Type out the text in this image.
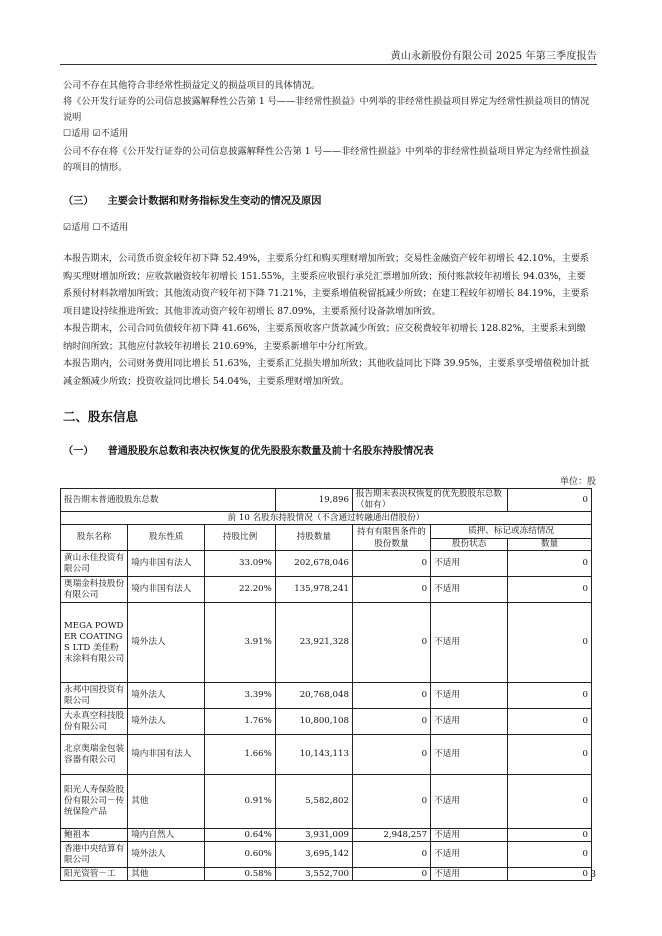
黄山永新股份有限公司 2025 年第三季度报告

公司不存在其他符合非经常性损益定义的损益项目的具体情况。

将《公开发行证券的公司信息披露解释性公告第 1 号——非经常性损益》中列举的非经常性损益项目界定为经常性损益项目的情况说明

☐适用 ☑不适用

公司不存在将《公开发行证券的公司信息披露解释性公告第 1 号——非经常性损益》中列举的非经常性损益项目界定为经常性损益的项目的情形。

（三） 主要会计数据和财务指标发生变动的情况及原因

☑适用 ☐不适用

本报告期末，公司货币资金较年初下降 52.49%，主要系分红和购买理财增加所致；交易性金融资产较年初增长 42.10%，主要系购买理财增加所致；应收款融资较年初增长 151.55%，主要系应收银行承兑汇票增加所致；预付账款较年初增长 94.03%，主要系预付材料款增加所致；其他流动资产较年初下降 71.21%，主要系增值税留抵减少所致；在建工程较年初增长 84.19%，主要系项目建设持续推进所致；其他非流动资产较年初增长 87.09%，主要系预付设备款增加所致。

本报告期末，公司合同负债较年初下降 41.66%，主要系预收客户货款减少所致；应交税费较年初增长 128.82%，主要系未到缴纳时间所致；其他应付款较年初增长 210.69%，主要系新增年中分红所致。

本报告期内，公司财务费用同比增长 51.63%，主要系汇兑损失增加所致；其他收益同比下降 39.95%，主要系享受增值税加计抵减金额减少所致；投资收益同比增长 54.04%，主要系理财增加所致。

二、股东信息
（一） 普通股股东总数和表决权恢复的优先股股东数量及前十名股东持股情况表
单位：股
报告期末普通股股东总数			19,896	报告期末表决权恢复的优先股股东总数（如有）		0
前 10 名股东持股情况（不含通过转融通出借股份）						
股东名称	股东性质	持股比例	持股数量	持有有限售条件的股份数量	质押、标记或冻结情况	
					股份状态	数量
黄山永佳投资有限公司	境内非国有法人	33.09%	202,678,046	0	不适用	0
奥瑞金科技股份有限公司	境内非国有法人	22.20%	135,978,241	0	不适用	0
MEGA POWDER COATINGS LTD 美佳粉末涂料有限公司	境外法人	3.91%	23,921,328	0	不适用	0
永邦中国投资有限公司	境外法人	3.39%	20,768,048	0	不适用	0
大永真空科技股份有限公司	境外法人	1.76%	10,800,108	0	不适用	0
北京奥瑞金包装容器有限公司	境内非国有法人	1.66%	10,143,113	0	不适用	0
阳光人寿保险股份有限公司－传统保险产品	其他	0.91%	5,582,802	0	不适用	0
鲍祖本	境内自然人	0.64%	3,931,009	2,948,257	不适用	0
香港中央结算有限公司	境外法人	0.60%	3,695,142	0	不适用	0
阳光资管－工	其他	0.58%	3,552,700	0	不适用	0 3
